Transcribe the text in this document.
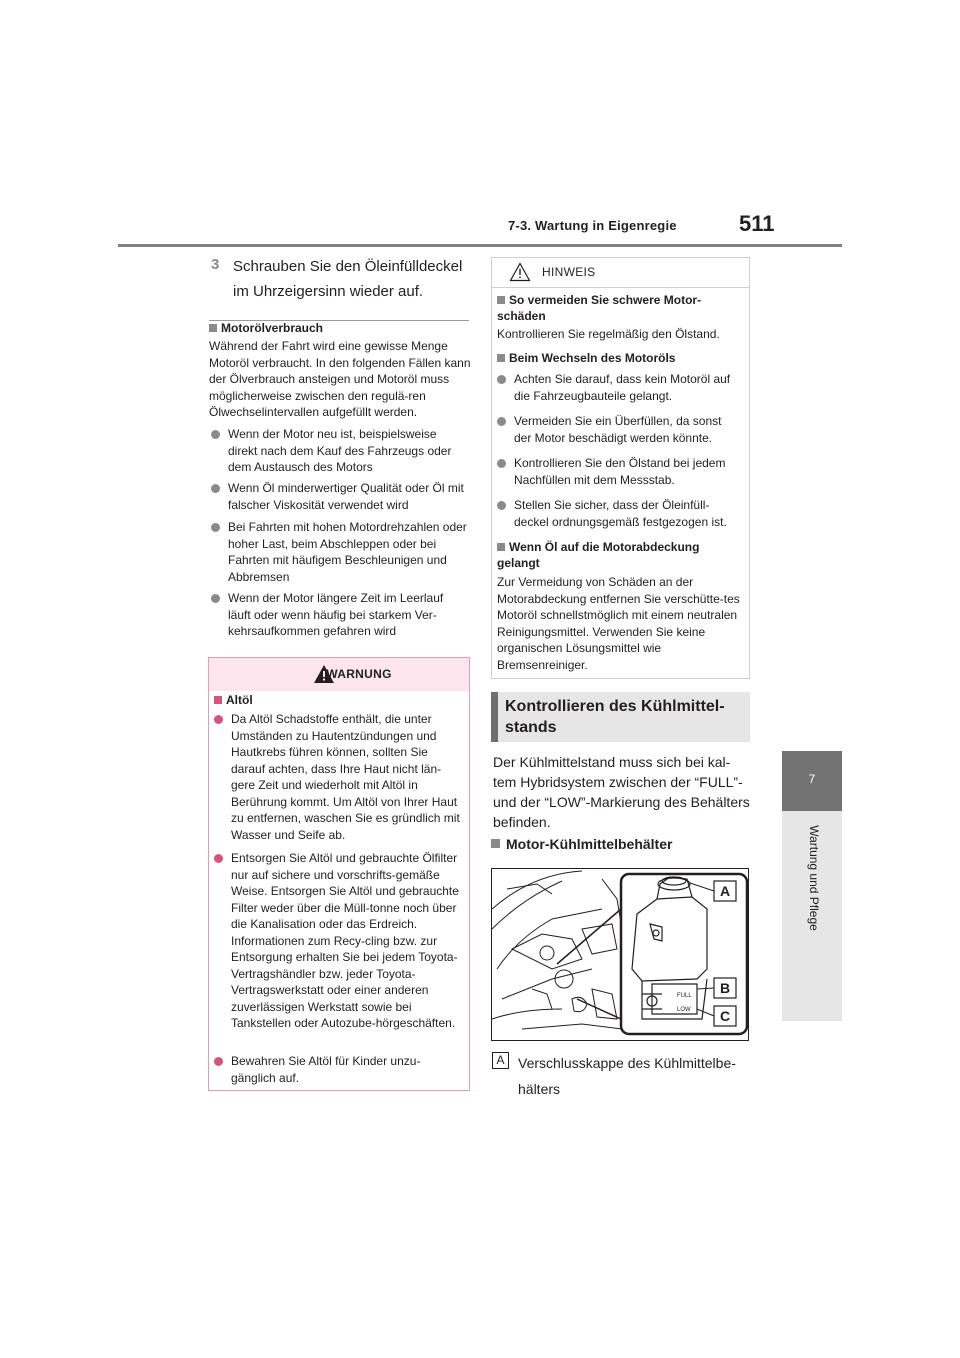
7-3. Wartung in Eigenregie	511
7
Wartung und Pflege
3 Schrauben Sie den Öleinfülldeckel im Uhrzeigersinn wieder auf.
Motorölverbrauch
Während der Fahrt wird eine gewisse Menge Motoröl verbraucht. In den folgenden Fällen kann der Ölverbrauch ansteigen und Motoröl muss möglicherweise zwischen den regulä-ren Ölwechselintervallen aufgefüllt werden.
Wenn der Motor neu ist, beispielsweise direkt nach dem Kauf des Fahrzeugs oder dem Austausch des Motors
Wenn Öl minderwertiger Qualität oder Öl mit falscher Viskosität verwendet wird
Bei Fahrten mit hohen Motordrehzahlen oder hoher Last, beim Abschleppen oder bei Fahrten mit häufigem Beschleunigen und Abbremsen
Wenn der Motor längere Zeit im Leerlauf läuft oder wenn häufig bei starkem Ver-kehrsaufkommen gefahren wird
WARNUNG
Altöl
Da Altöl Schadstoffe enthält, die unter Umständen zu Hautentzündungen und Hautkrebs führen können, sollten Sie darauf achten, dass Ihre Haut nicht län-gere Zeit und wiederholt mit Altöl in Berührung kommt. Um Altöl von Ihrer Haut zu entfernen, waschen Sie es gründlich mit Wasser und Seife ab.
Entsorgen Sie Altöl und gebrauchte Ölfilter nur auf sichere und vorschrifts-gemäße Weise. Entsorgen Sie Altöl und gebrauchte Filter weder über die Müll-tonne noch über die Kanalisation oder das Erdreich. Informationen zum Recy-cling bzw. zur Entsorgung erhalten Sie bei jedem Toyota-Vertragshändler bzw. jeder Toyota-Vertragswerkstatt oder einer anderen zuverlässigen Werkstatt sowie bei Tankstellen oder Autozube-hörgeschäften.
Bewahren Sie Altöl für Kinder unzu-gänglich auf.
HINWEIS
So vermeiden Sie schwere Motor-schäden
Kontrollieren Sie regelmäßig den Ölstand.
Beim Wechseln des Motoröls
Achten Sie darauf, dass kein Motoröl auf die Fahrzeugbauteile gelangt.
Vermeiden Sie ein Überfüllen, da sonst der Motor beschädigt werden könnte.
Kontrollieren Sie den Ölstand bei jedem Nachfüllen mit dem Messstab.
Stellen Sie sicher, dass der Öleinfüll-deckel ordnungsgemäß festgezogen ist.
Wenn Öl auf die Motorabdeckung gelangt
Zur Vermeidung von Schäden an der Motorabdeckung entfernen Sie verschütte-tes Motoröl schnellstmöglich mit einem neutralen Reinigungsmittel. Verwenden Sie keine organischen Lösungsmittel wie Bremsenreiniger.
Kontrollieren des Kühlmittel-stands
Der Kühlmittelstand muss sich bei kal-tem Hybridsystem zwischen der “FULL”- und der “LOW”-Markierung des Behälters befinden.
Motor-Kühlmittelbehälter
FULL
LOW
A
B
C
A Verschlusskappe des Kühlmittelbe-hälters
